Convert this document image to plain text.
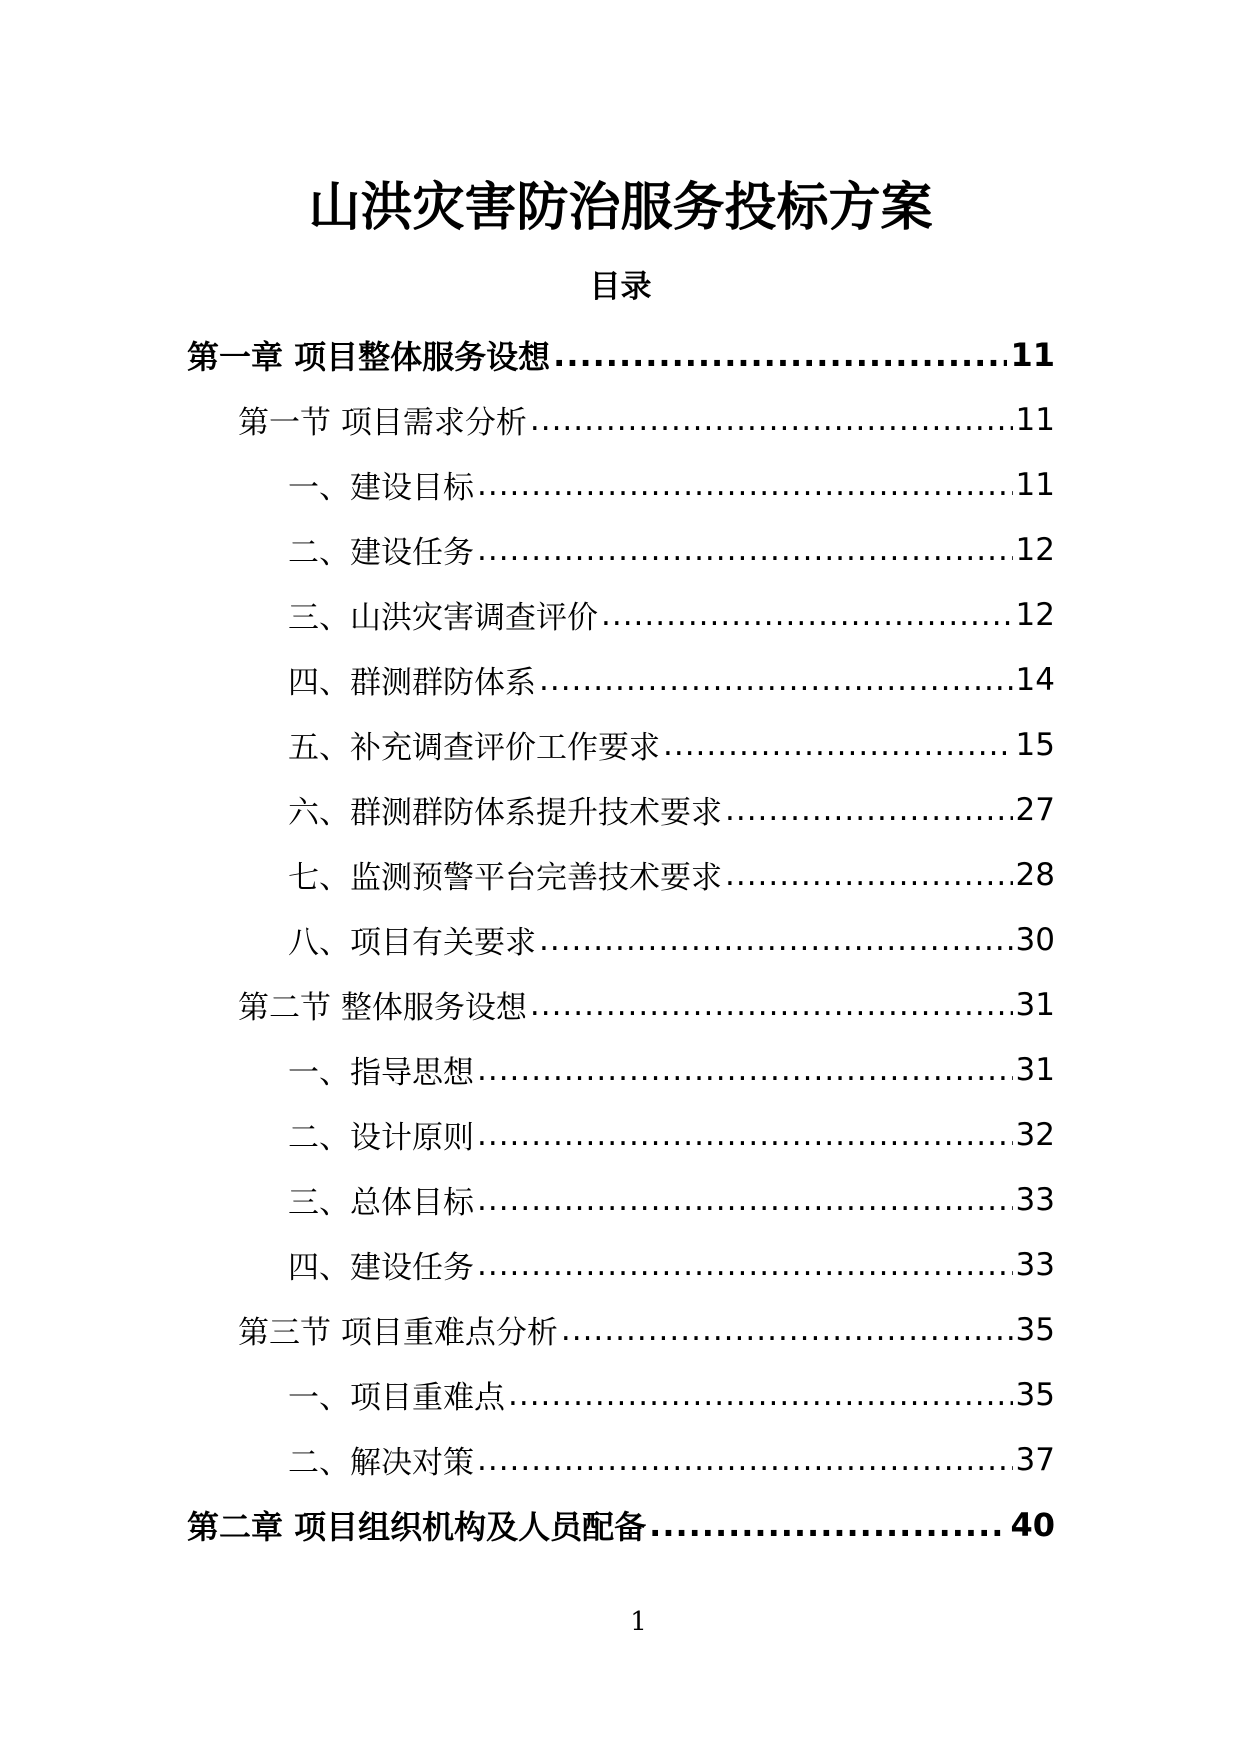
山洪灾害防治服务投标方案
目录
第一章 项目整体服务设想 .....	11
第一节 项目需求分析 .....	11
一、建设目标 .....	11
二、建设任务 .....	12
三、山洪灾害调查评价 .....	12
四、群测群防体系 .....	14
五、补充调查评价工作要求 .....	15
六、群测群防体系提升技术要求 .....	27
七、监测预警平台完善技术要求 .....	28
八、项目有关要求 .....	30
第二节 整体服务设想 .....	31
一、指导思想 .....	31
二、设计原则 .....	32
三、总体目标 .....	33
四、建设任务 .....	33
第三节 项目重难点分析 .....	35
一、项目重难点 .....	35
二、解决对策 .....	37
第二章 项目组织机构及人员配备 .....	40
1
